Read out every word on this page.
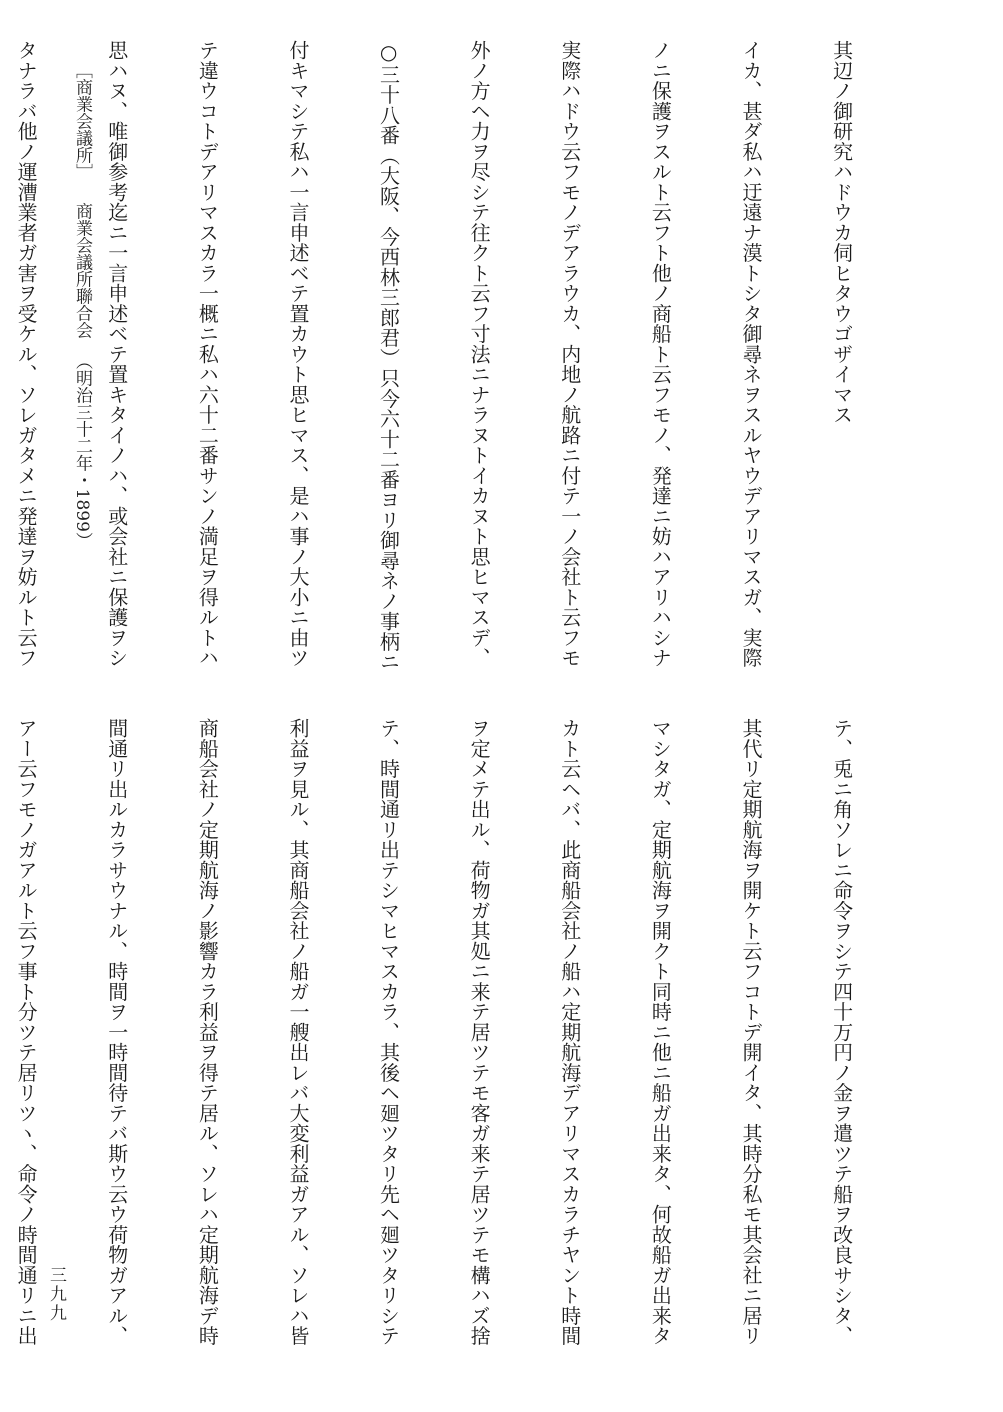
其辺ノ御研究ハドウカ伺ヒタウゴザイマス

イカ、甚ダ私ハ迂遠ナ漠トシタ御尋ネヲスルヤウデアリマスガ、実際

ノニ保護ヲスルト云フト他ノ商船ト云フモノ、発達ニ妨ハアリハシナ

実際ハドウ云フモノデアラウカ、内地ノ航路ニ付テ一ノ会社ト云フモ

外ノ方ヘ力ヲ尽シテ往クト云フ寸法ニナラヌトイカヌト思ヒマスデ、

○三十八番（大阪、今西林三郎君）只今六十二番ヨリ御尋ネノ事柄ニ

付キマシテ私ハ一言申述ベテ置カウト思ヒマス、是ハ事ノ大小ニ由ツ

テ違ウコトデアリマスカラ一概ニ私ハ六十二番サンノ満足ヲ得ルトハ

思ハヌ、唯御参考迄ニ一言申述ベテ置キタイノハ、或会社ニ保護ヲシ

タナラバ他ノ運漕業者ガ害ヲ受ケル、ソレガタメニ発達ヲ妨ルト云フ

	［商業会議所］商業会議所聯合会（明治三十二年・1899）

テ、兎ニ角ソレニ命令ヲシテ四十万円ノ金ヲ遣ツテ船ヲ改良サシタ、

其代リ定期航海ヲ開ケト云フコトデ開イタ、其時分私モ其会社ニ居リ

マシタガ、定期航海ヲ開クト同時ニ他ニ船ガ出来タ、何故船ガ出来タ

カト云ヘバ、此商船会社ノ船ハ定期航海デアリマスカラチヤント時間

ヲ定メテ出ル、荷物ガ其処ニ来テ居ツテモ客ガ来テ居ツテモ構ハズ捨

テ、時間通リ出テシマヒマスカラ、其後ヘ廻ツタリ先ヘ廻ツタリシテ

利益ヲ見ル、其商船会社ノ船ガ一艘出レバ大変利益ガアル、ソレハ皆

商船会社ノ定期航海ノ影響カラ利益ヲ得テ居ル、ソレハ定期航海デ時

間通リ出ルカラサウナル、時間ヲ一時間待テバ斯ウ云ウ荷物ガアル、

アー云フモノガアルト云フ事ト分ツテ居リツヽ、命令ノ時間通リニ出

三九九
